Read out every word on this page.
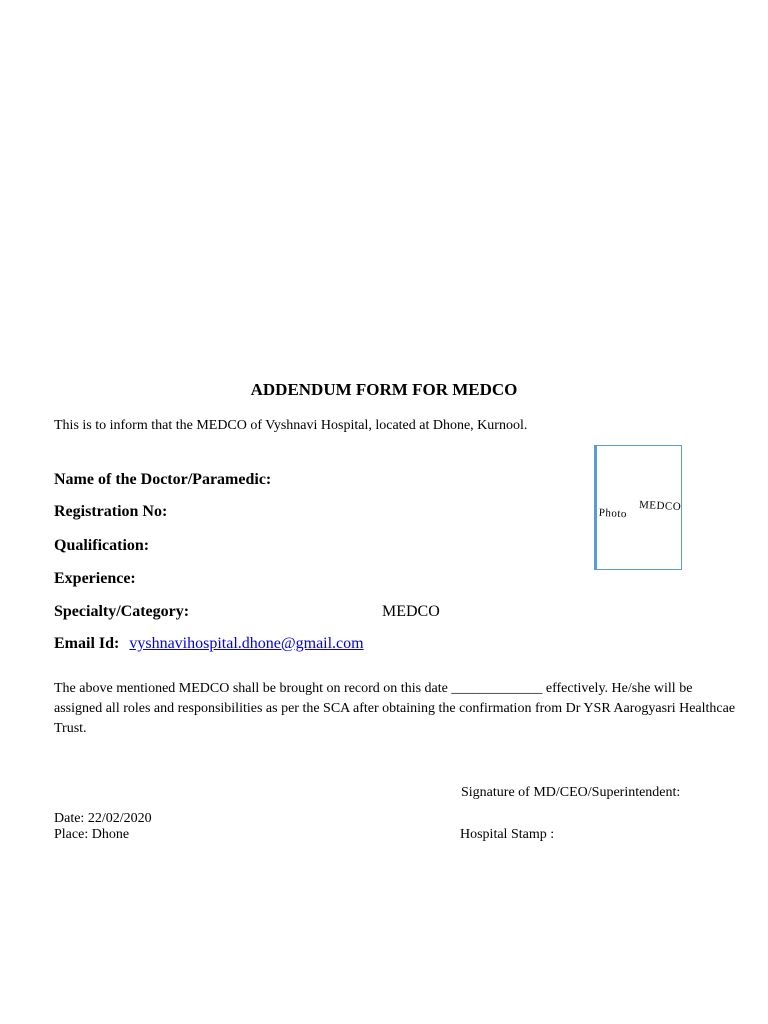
ADDENDUM FORM FOR MEDCO
This is to inform that the MEDCO of Vyshnavi Hospital, located at Dhone, Kurnool.
Name of the Doctor/Paramedic:
Registration No:
Qualification:
Experience:
Specialty/Category:	MEDCO
Email Id: vyshnavihospital.dhone@gmail.com
MEDCO
Photo
The above mentioned MEDCO shall be brought on record on this date _____________ effectively. He/she will be assigned all roles and responsibilities as per the SCA after obtaining the confirmation from Dr YSR Aarogyasri Healthcae Trust.
Signature of MD/CEO/Superintendent:
Date: 22/02/2020
Place: Dhone	Hospital Stamp :
